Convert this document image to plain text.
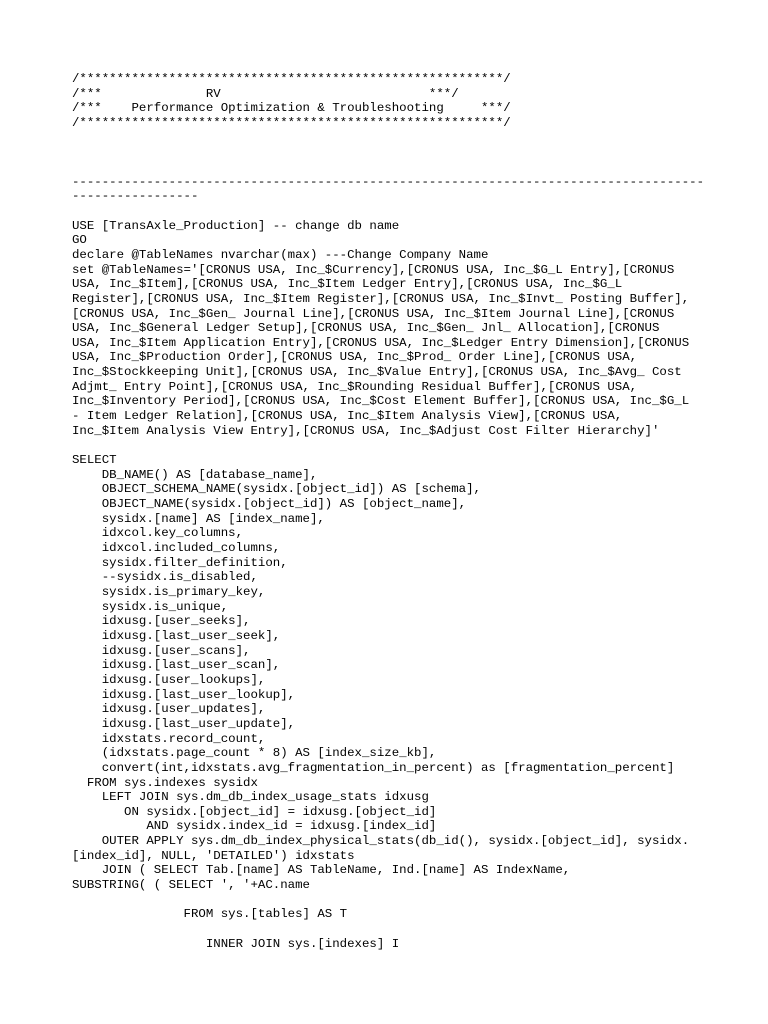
/*********************************************************/
/***              RV                            ***/
/***    Performance Optimization & Troubleshooting     ***/
/*********************************************************/

-------------------------------------------------------------------------------------
-----------------

USE [TransAxle_Production] -- change db name
GO
declare @TableNames nvarchar(max) ---Change Company Name
set @TableNames='[CRONUS USA, Inc_$Currency],[CRONUS USA, Inc_$G_L Entry],[CRONUS
USA, Inc_$Item],[CRONUS USA, Inc_$Item Ledger Entry],[CRONUS USA, Inc_$G_L
Register],[CRONUS USA, Inc_$Item Register],[CRONUS USA, Inc_$Invt_ Posting Buffer],
[CRONUS USA, Inc_$Gen_ Journal Line],[CRONUS USA, Inc_$Item Journal Line],[CRONUS
USA, Inc_$General Ledger Setup],[CRONUS USA, Inc_$Gen_ Jnl_ Allocation],[CRONUS
USA, Inc_$Item Application Entry],[CRONUS USA, Inc_$Ledger Entry Dimension],[CRONUS
USA, Inc_$Production Order],[CRONUS USA, Inc_$Prod_ Order Line],[CRONUS USA,
Inc_$Stockkeeping Unit],[CRONUS USA, Inc_$Value Entry],[CRONUS USA, Inc_$Avg_ Cost
Adjmt_ Entry Point],[CRONUS USA, Inc_$Rounding Residual Buffer],[CRONUS USA,
Inc_$Inventory Period],[CRONUS USA, Inc_$Cost Element Buffer],[CRONUS USA, Inc_$G_L
- Item Ledger Relation],[CRONUS USA, Inc_$Item Analysis View],[CRONUS USA,
Inc_$Item Analysis View Entry],[CRONUS USA, Inc_$Adjust Cost Filter Hierarchy]'

SELECT
DB_NAME() AS [database_name],
OBJECT_SCHEMA_NAME(sysidx.[object_id]) AS [schema],
OBJECT_NAME(sysidx.[object_id]) AS [object_name],
sysidx.[name] AS [index_name],
idxcol.key_columns,
idxcol.included_columns,
sysidx.filter_definition,
--sysidx.is_disabled,
sysidx.is_primary_key,
sysidx.is_unique,
idxusg.[user_seeks],
idxusg.[last_user_seek],
idxusg.[user_scans],
idxusg.[last_user_scan],
idxusg.[user_lookups],
idxusg.[last_user_lookup],
idxusg.[user_updates],
idxusg.[last_user_update],
idxstats.record_count,
(idxstats.page_count * 8) AS [index_size_kb],
convert(int,idxstats.avg_fragmentation_in_percent) as [fragmentation_percent]
FROM sys.indexes sysidx
LEFT JOIN sys.dm_db_index_usage_stats idxusg
ON sysidx.[object_id] = idxusg.[object_id]
AND sysidx.index_id = idxusg.[index_id]
OUTER APPLY sys.dm_db_index_physical_stats(db_id(), sysidx.[object_id], sysidx.
[index_id], NULL, 'DETAILED') idxstats
JOIN ( SELECT Tab.[name] AS TableName, Ind.[name] AS IndexName,
SUBSTRING( ( SELECT ', '+AC.name

FROM sys.[tables] AS T

INNER JOIN sys.[indexes] I
